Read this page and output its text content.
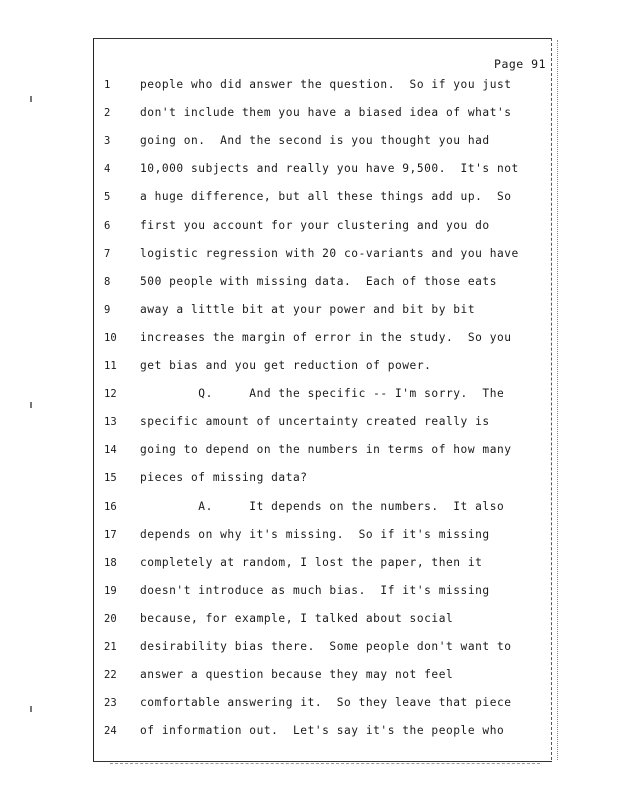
Page 91
1	people who did answer the question.  So if you just
2	don't include them you have a biased idea of what's
3	going on.  And the second is you thought you had
4	10,000 subjects and really you have 9,500.  It's not
5	a huge difference, but all these things add up.  So
6	first you account for your clustering and you do
7	logistic regression with 20 co-variants and you have
8	500 people with missing data.  Each of those eats
9	away a little bit at your power and bit by bit
10	increases the margin of error in the study.  So you
11	get bias and you get reduction of power.
12	Q.     And the specific -- I'm sorry.  The
13	specific amount of uncertainty created really is
14	going to depend on the numbers in terms of how many
15	pieces of missing data?
16	A.     It depends on the numbers.  It also
17	depends on why it's missing.  So if it's missing
18	completely at random, I lost the paper, then it
19	doesn't introduce as much bias.  If it's missing
20	because, for example, I talked about social
21	desirability bias there.  Some people don't want to
22	answer a question because they may not feel
23	comfortable answering it.  So they leave that piece
24	of information out.  Let's say it's the people who
